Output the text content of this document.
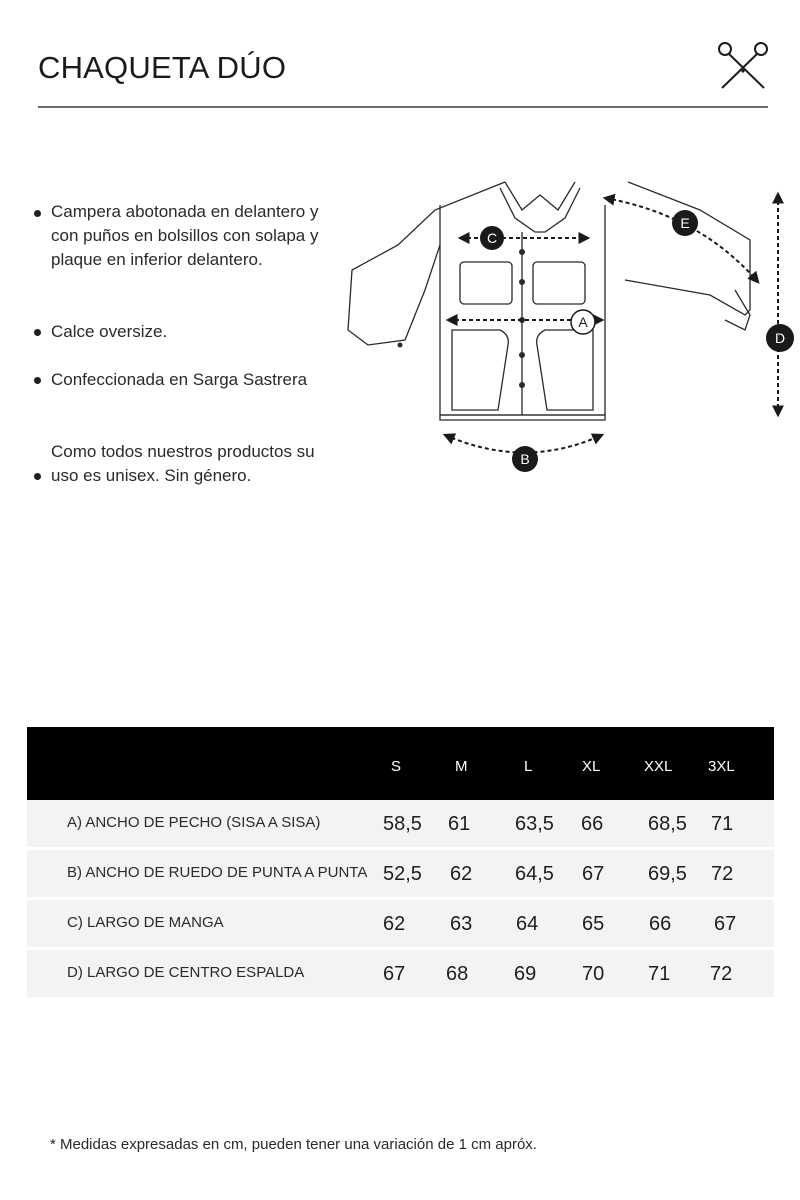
CHAQUETA DÚO
Campera abotonada en delantero y con puños en bolsillos con solapa y plaque en inferior delantero.
Calce oversize.
Confeccionada en Sarga Sastrera
Como todos nuestros productos su uso es unisex. Sin género.
A
B
C
D
E
S	M	L	XL	XXL 3XL
A) ANCHO DE PECHO (SISA A SISA)	58,5 61 63,5 66 68,5 71
B) ANCHO DE RUEDO DE PUNTA A PUNTA 52,5 62 64,5 67 69,5 72
C) LARGO DE MANGA	62 63 64 65 66 67
D) LARGO DE CENTRO ESPALDA	67 68 69 70 71 72
* Medidas expresadas en cm, pueden tener una variación de 1 cm apróx.
